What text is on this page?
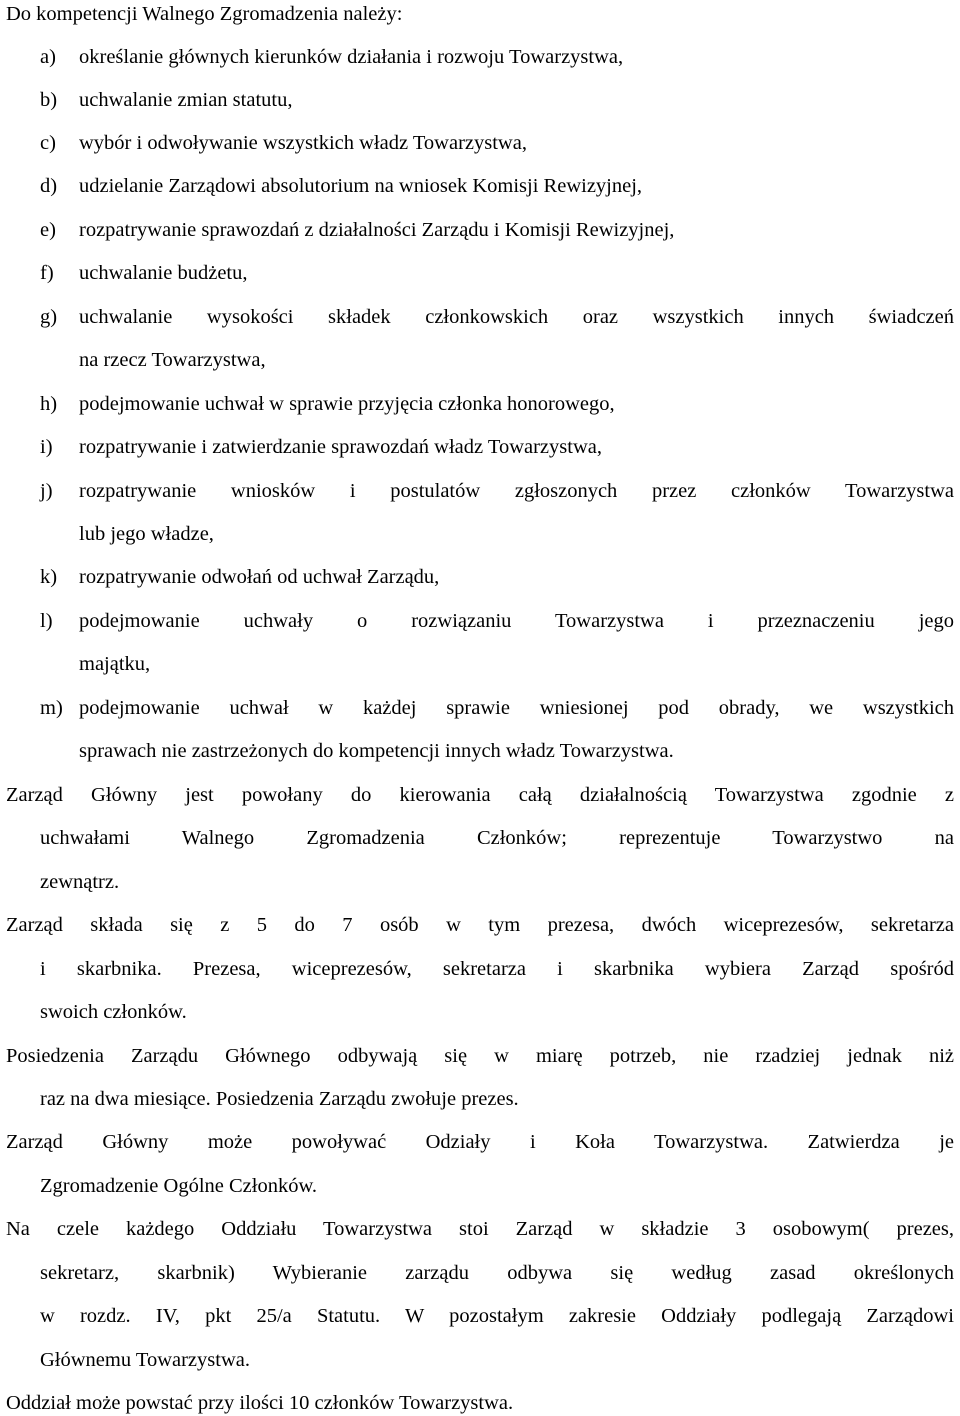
Do kompetencji Walnego Zgromadzenia należy:
a) określanie głównych kierunków działania i rozwoju Towarzystwa,
b) uchwalanie zmian statutu,
c) wybór i odwoływanie wszystkich władz Towarzystwa,
d) udzielanie Zarządowi absolutorium na wniosek Komisji Rewizyjnej,
e) rozpatrywanie sprawozdań z działalności Zarządu i Komisji Rewizyjnej,
f) uchwalanie budżetu,
g) uchwalanie wysokości składek członkowskich oraz wszystkich innych świadczeń
na rzecz Towarzystwa,
h) podejmowanie uchwał w sprawie przyjęcia członka honorowego,
i) rozpatrywanie i zatwierdzanie sprawozdań władz Towarzystwa,
j) rozpatrywanie wniosków i postulatów zgłoszonych przez członków Towarzystwa
lub jego władze,
k) rozpatrywanie odwołań od uchwał Zarządu,
l) podejmowanie uchwały o rozwiązaniu Towarzystwa i przeznaczeniu jego
majątku,
m) podejmowanie uchwał w każdej sprawie wniesionej pod obrady, we wszystkich
sprawach nie zastrzeżonych do kompetencji innych władz Towarzystwa.
Zarząd Główny jest powołany do kierowania całą działalnością Towarzystwa zgodnie z
uchwałami Walnego Zgromadzenia Członków; reprezentuje Towarzystwo na
zewnątrz.
Zarząd składa się z 5 do 7 osób w tym prezesa, dwóch wiceprezesów, sekretarza
i skarbnika. Prezesa, wiceprezesów, sekretarza i skarbnika wybiera Zarząd spośród
swoich członków.
Posiedzenia Zarządu Głównego odbywają się w miarę potrzeb, nie rzadziej jednak niż
raz na dwa miesiące. Posiedzenia Zarządu zwołuje prezes.
Zarząd Główny może powoływać Odziały i Koła Towarzystwa. Zatwierdza je
Zgromadzenie Ogólne Członków.
Na czele każdego Oddziału Towarzystwa stoi Zarząd w składzie 3 osobowym( prezes,
sekretarz, skarbnik) Wybieranie zarządu odbywa się według zasad określonych
w rozdz. IV, pkt 25/a Statutu. W pozostałym zakresie Oddziały podlegają Zarządowi
Głównemu Towarzystwa.
Oddział może powstać przy ilości 10 członków Towarzystwa.
